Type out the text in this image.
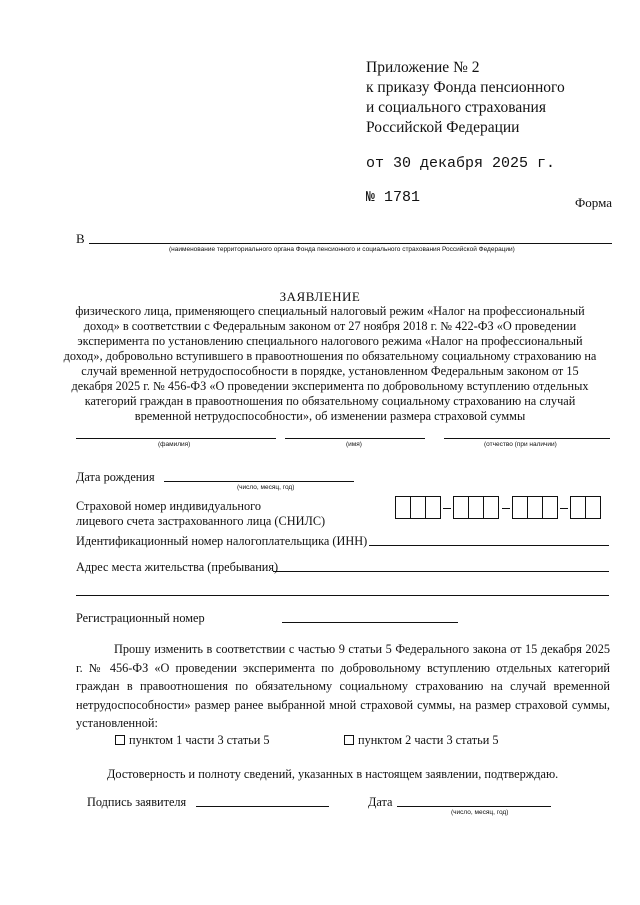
Приложение № 2
к приказу Фонда пенсионного
и социального страхования
Российской Федерации
от 30 декабря 2025 г.
№ 1781	Форма
В
(наименование территориального органа Фонда пенсионного и социального страхования Российской Федерации)
ЗАЯВЛЕНИЕ
физического лица, применяющего специальный налоговый режим «Налог на профессиональный доход» в соответствии с Федеральным законом от 27 ноября 2018 г. № 422-ФЗ «О проведении эксперимента по установлению специального налогового режима «Налог на профессиональный доход», добровольно вступившего в правоотношения по обязательному социальному страхованию на случай временной нетрудоспособности в порядке, установленном Федеральным законом от 15 декабря 2025 г. № 456-ФЗ «О проведении эксперимента по добровольному вступлению отдельных категорий граждан в правоотношения по обязательному социальному страхованию на случай временной нетрудоспособности», об изменении размера страховой суммы
(фамилия)	(имя)	(отчество (при наличии)
Дата рождения
(число, месяц, год)
Страховой номер индивидуального
лицевого счета застрахованного лица (СНИЛС)
Идентификационный номер налогоплательщика (ИНН)
Адрес места жительства (пребывания)
Регистрационный номер
Прошу изменить в соответствии с частью 9 статьи 5 Федерального закона от 15 декабря 2025 г. № 456-ФЗ «О проведении эксперимента по добровольному вступлению отдельных категорий граждан в правоотношения по обязательному социальному страхованию на случай временной нетрудоспособности» размер ранее выбранной мной страховой суммы, на размер страховой суммы, установленной:
пунктом 1 части 3 статьи 5	пунктом 2 части 3 статьи 5
Достоверность и полноту сведений, указанных в настоящем заявлении, подтверждаю.
Подпись заявителя	Дата
(число, месяц, год)
